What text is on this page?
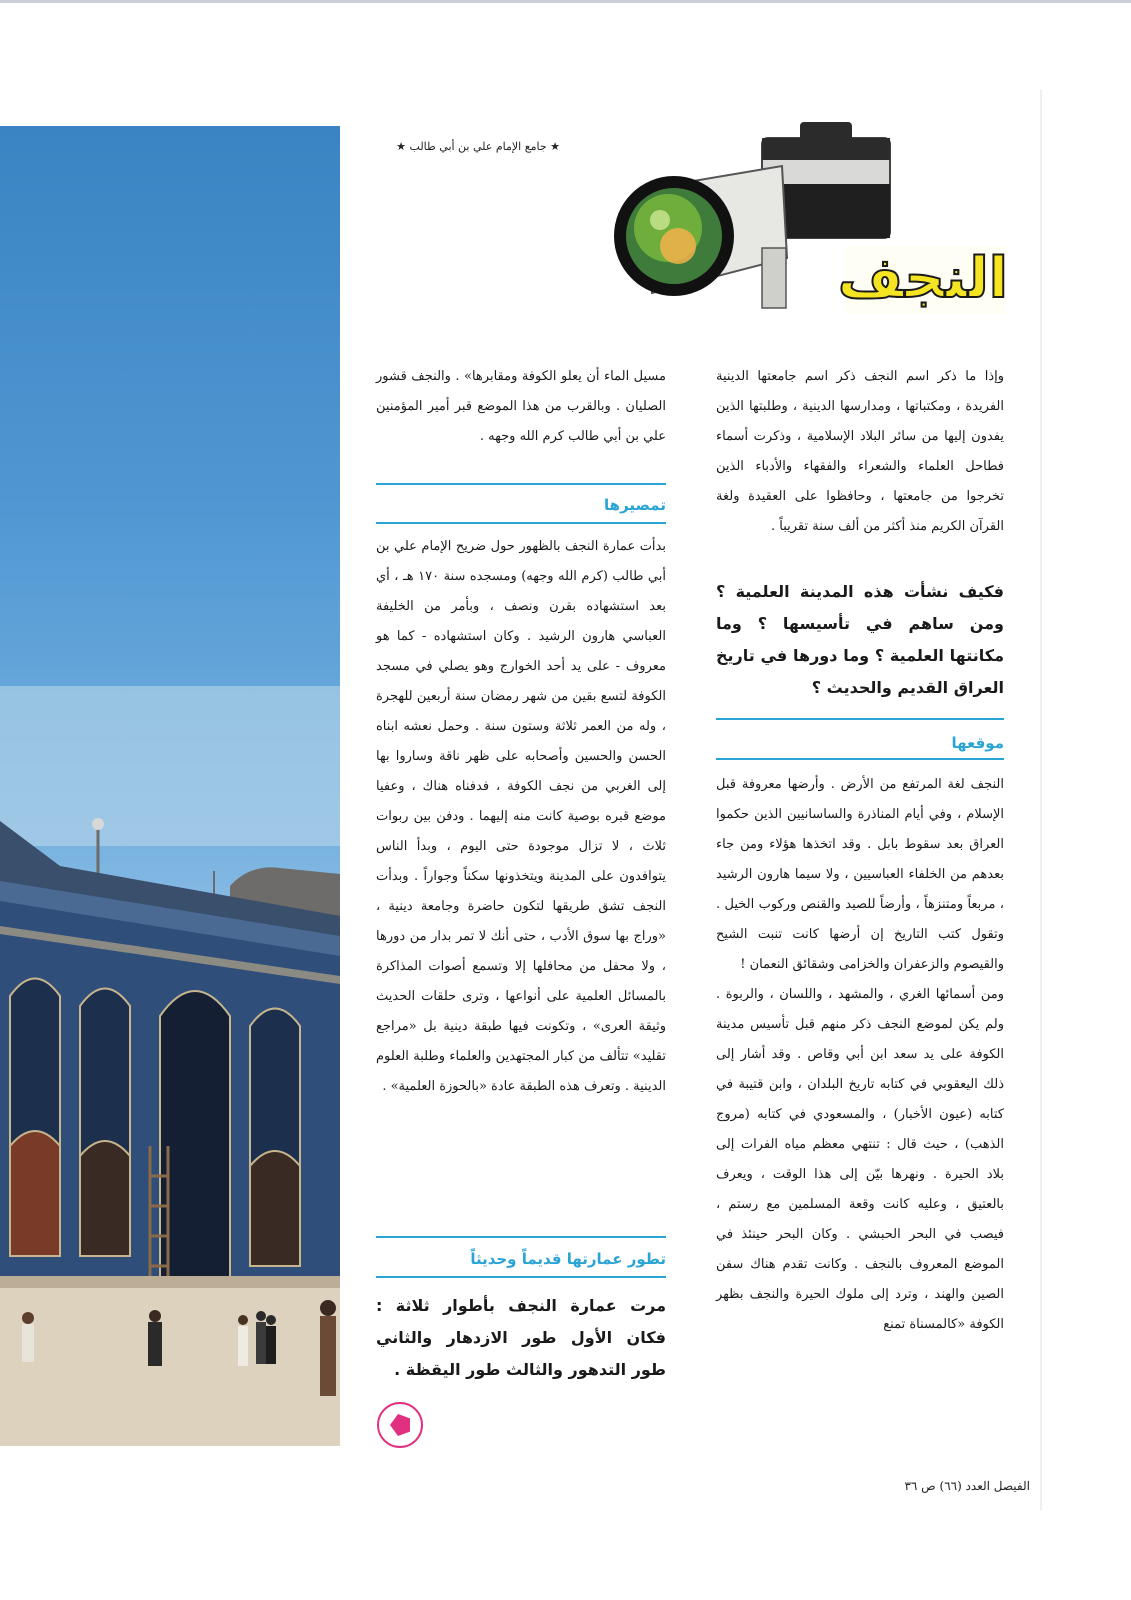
★ جامع الإمام علي بن أبي طالب ★
النجف

وإذا ما ذكر اسم النجف ذكر اسم جامعتها الدينية الفريدة ، ومكتباتها ، ومدارسها الدينية ، وطلبتها الذين يفدون إليها من سائر البلاد الإسلامية ، وذكرت أسماء فطاحل العلماء والشعراء والفقهاء والأدباء الذين تخرجوا من جامعتها ، وحافظوا على العقيدة ولغة القرآن الكريم منذ أكثر من ألف سنة تقريباً .

فكيف نشأت هذه المدينة العلمية ؟ ومن ساهم في تأسيسها ؟ وما مكانتها العلمية ؟ وما دورها في تاريخ العراق القديم والحديث ؟

موقعها

النجف لغة المرتفع من الأرض . وأرضها معروفة قبل الإسلام ، وفي أيام المناذرة والساسانيين الذين حكموا العراق بعد سقوط بابل . وقد اتخذها هؤلاء ومن جاء بعدهم من الخلفاء العباسيين ، ولا سيما هارون الرشيد ، مربعاً ومتنزهاً ، وأرضاً للصيد والقنص وركوب الخيل . وتقول كتب التاريخ إن أرضها كانت تنبت الشيح والقيصوم والزعفران والخزامى وشقائق النعمان !

ومن أسمائها الغري ، والمشهد ، واللسان ، والربوة . ولم يكن لموضع النجف ذكر منهم قبل تأسيس مدينة الكوفة على يد سعد ابن أبي وقاص . وقد أشار إلى ذلك اليعقوبي في كتابه تاريخ البلدان ، وابن قتيبة في كتابه (عيون الأخبار) ، والمسعودي في كتابه (مروج الذهب) ، حيث قال : تنتهي معظم مياه الفرات إلى بلاد الحيرة . ونهرها بيّن إلى هذا الوقت ، ويعرف بالعتيق ، وعليه كانت وقعة المسلمين مع رستم ، فيصب في البحر الحبشي . وكان البحر حينئذ في الموضع المعروف بالنجف . وكانت تقدم هناك سفن الصين والهند ، وترد إلى ملوك الحيرة والنجف بظهر الكوفة «كالمسناة تمنع

مسيل الماء أن يعلو الكوفة ومقابرها» . والنجف قشور الصليان . وبالقرب من هذا الموضع قبر أمير المؤمنين علي بن أبي طالب كرم الله وجهه .

تمصيرها

بدأت عمارة النجف بالظهور حول ضريح الإمام علي بن أبي طالب (كرم الله وجهه) ومسجده سنة ١٧٠ هـ ، أي بعد استشهاده بقرن ونصف ، وبأمر من الخليفة العباسي هارون الرشيد . وكان استشهاده - كما هو معروف - على يد أحد الخوارج وهو يصلي في مسجد الكوفة لتسع بقين من شهر رمضان سنة أربعين للهجرة ، وله من العمر ثلاثة وستون سنة . وحمل نعشه ابناه الحسن والحسين وأصحابه على ظهر ناقة وساروا بها إلى الغربي من نجف الكوفة ، فدفناه هناك ، وعفيا موضع قبره بوصية كانت منه إليهما . ودفن بين ربوات ثلاث ، لا تزال موجودة حتى اليوم ، وبدأ الناس يتوافدون على المدينة ويتخذونها سكناً وجواراً . وبدأت النجف تشق طريقها لتكون حاضرة وجامعة دينية ، «وراج بها سوق الأدب ، حتى أنك لا تمر بدار من دورها ، ولا محفل من محافلها إلا وتسمع أصوات المذاكرة بالمسائل العلمية على أنواعها ، وترى حلقات الحديث وثيقة العرى» ، وتكونت فيها طبقة دينية بل «مراجع تقليد» تتألف من كبار المجتهدين والعلماء وطلبة العلوم الدينية . وتعرف هذه الطبقة عادة «بالحوزة العلمية» .

تطور عمارتها قديماً وحديثاً

مرت عمارة النجف بأطوار ثلاثة : فكان الأول طور الازدهار والثاني طور التدهور والثالث طور اليقظة .

الفيصل العدد (٦٦) ص ٣٦
